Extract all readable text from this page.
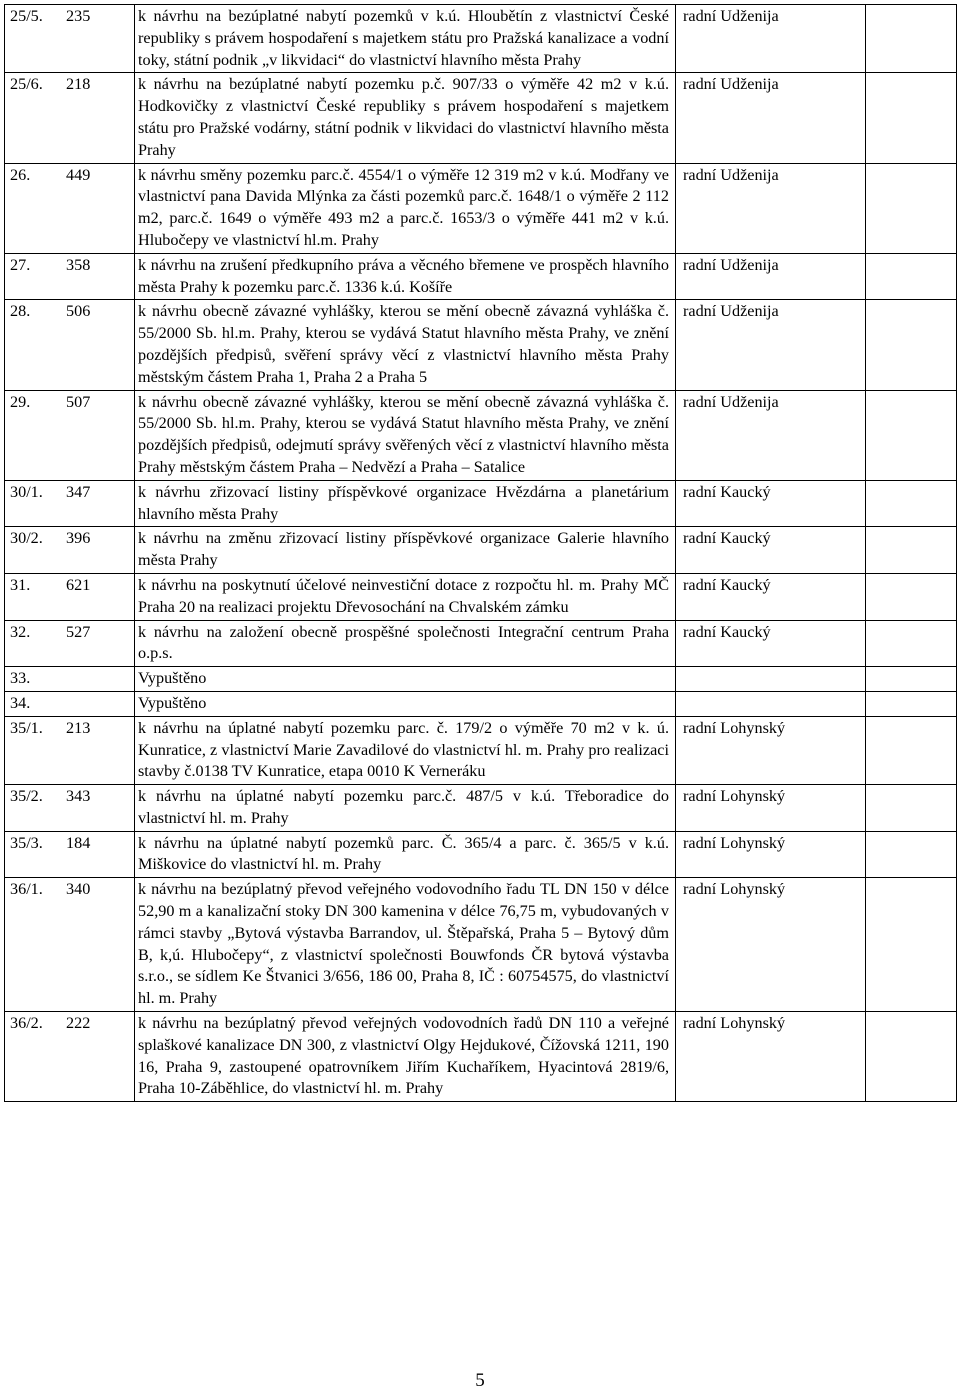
25/5. 235	k návrhu na bezúplatné nabytí pozemků v k.ú. Hloubětín z vlastnictví České republiky s právem hospodaření s majetkem státu pro Pražská kanalizace a vodní toky, státní podnik „v likvidaci“ do vlastnictví hlavního města Prahy	radní Udženija	
25/6. 218	k návrhu na bezúplatné nabytí pozemku p.č. 907/33 o výměře 42 m2 v k.ú. Hodkovičky z vlastnictví České republiky s právem hospodaření s majetkem státu pro Pražské vodárny, státní podnik v likvidaci do vlastnictví hlavního města Prahy	radní Udženija	
26. 449	k návrhu směny pozemku parc.č. 4554/1 o výměře 12 319 m2 v k.ú. Modřany ve vlastnictví pana Davida Mlýnka za části pozemků parc.č. 1648/1 o výměře 2 112 m2, parc.č. 1649 o výměře 493 m2 a parc.č. 1653/3 o výměře 441 m2 v k.ú. Hlubočepy ve vlastnictví hl.m. Prahy	radní Udženija	
27. 358	k návrhu na zrušení předkupního práva a věcného břemene ve prospěch hlavního města Prahy k pozemku parc.č. 1336 k.ú. Košíře	radní Udženija	
28. 506	k návrhu obecně závazné vyhlášky, kterou se mění obecně závazná vyhláška č. 55/2000 Sb. hl.m. Prahy, kterou se vydává Statut hlavního města Prahy, ve znění pozdějších předpisů, svěření správy věcí z vlastnictví hlavního města Prahy městským částem Praha 1, Praha 2 a Praha 5	radní Udženija	
29. 507	k návrhu obecně závazné vyhlášky, kterou se mění obecně závazná vyhláška č. 55/2000 Sb. hl.m. Prahy, kterou se vydává Statut hlavního města Prahy, ve znění pozdějších předpisů, odejmutí správy svěřených věcí z vlastnictví hlavního města Prahy městským částem Praha – Nedvězí a Praha – Satalice	radní Udženija	
30/1. 347	k návrhu zřizovací listiny příspěvkové organizace Hvězdárna a planetárium hlavního města Prahy	radní Kaucký	
30/2. 396	k návrhu na změnu zřizovací listiny příspěvkové organizace Galerie hlavního města Prahy	radní Kaucký	
31. 621	k návrhu na poskytnutí účelové neinvestiční dotace z rozpočtu hl. m. Prahy MČ Praha 20 na realizaci projektu Dřevosochání na Chvalském zámku	radní Kaucký	
32. 527	k návrhu na založení obecně prospěšné společnosti Integrační centrum Praha o.p.s.	radní Kaucký	
33.	Vypuštěno		
34.	Vypuštěno		
35/1. 213	k návrhu na úplatné nabytí pozemku parc. č. 179/2 o výměře 70 m2 v k. ú. Kunratice, z vlastnictví Marie Zavadilové do vlastnictví hl. m. Prahy pro realizaci stavby č.0138 TV Kunratice, etapa 0010 K Verneráku	radní Lohynský	
35/2. 343	k návrhu na úplatné nabytí pozemku parc.č. 487/5 v k.ú. Třeboradice do vlastnictví hl. m. Prahy	radní Lohynský	
35/3. 184	k návrhu na úplatné nabytí pozemků parc. Č. 365/4 a parc. č. 365/5 v k.ú. Miškovice do vlastnictví hl. m. Prahy	radní Lohynský	
36/1. 340	k návrhu na bezúplatný převod veřejného vodovodního řadu TL DN 150 v délce 52,90 m a kanalizační stoky DN 300 kamenina v délce 76,75 m, vybudovaných v rámci stavby „Bytová výstavba Barrandov, ul. Štěpařská, Praha 5 – Bytový dům B, k,ú. Hlubočepy“, z vlastnictví společnosti Bouwfonds ČR bytová výstavba s.r.o., se sídlem Ke Štvanici 3/656, 186 00, Praha 8, IČ : 60754575, do vlastnictví hl. m. Prahy	radní Lohynský	
36/2. 222	k návrhu na bezúplatný převod veřejných vodovodních řadů DN 110 a veřejné splaškové kanalizace DN 300, z vlastnictví Olgy Hejdukové, Čížovská 1211, 190 16, Praha 9, zastoupené opatrovníkem Jiřím Kuchaříkem, Hyacintová 2819/6, Praha 10-Záběhlice, do vlastnictví hl. m. Prahy	radní Lohynský	
5
